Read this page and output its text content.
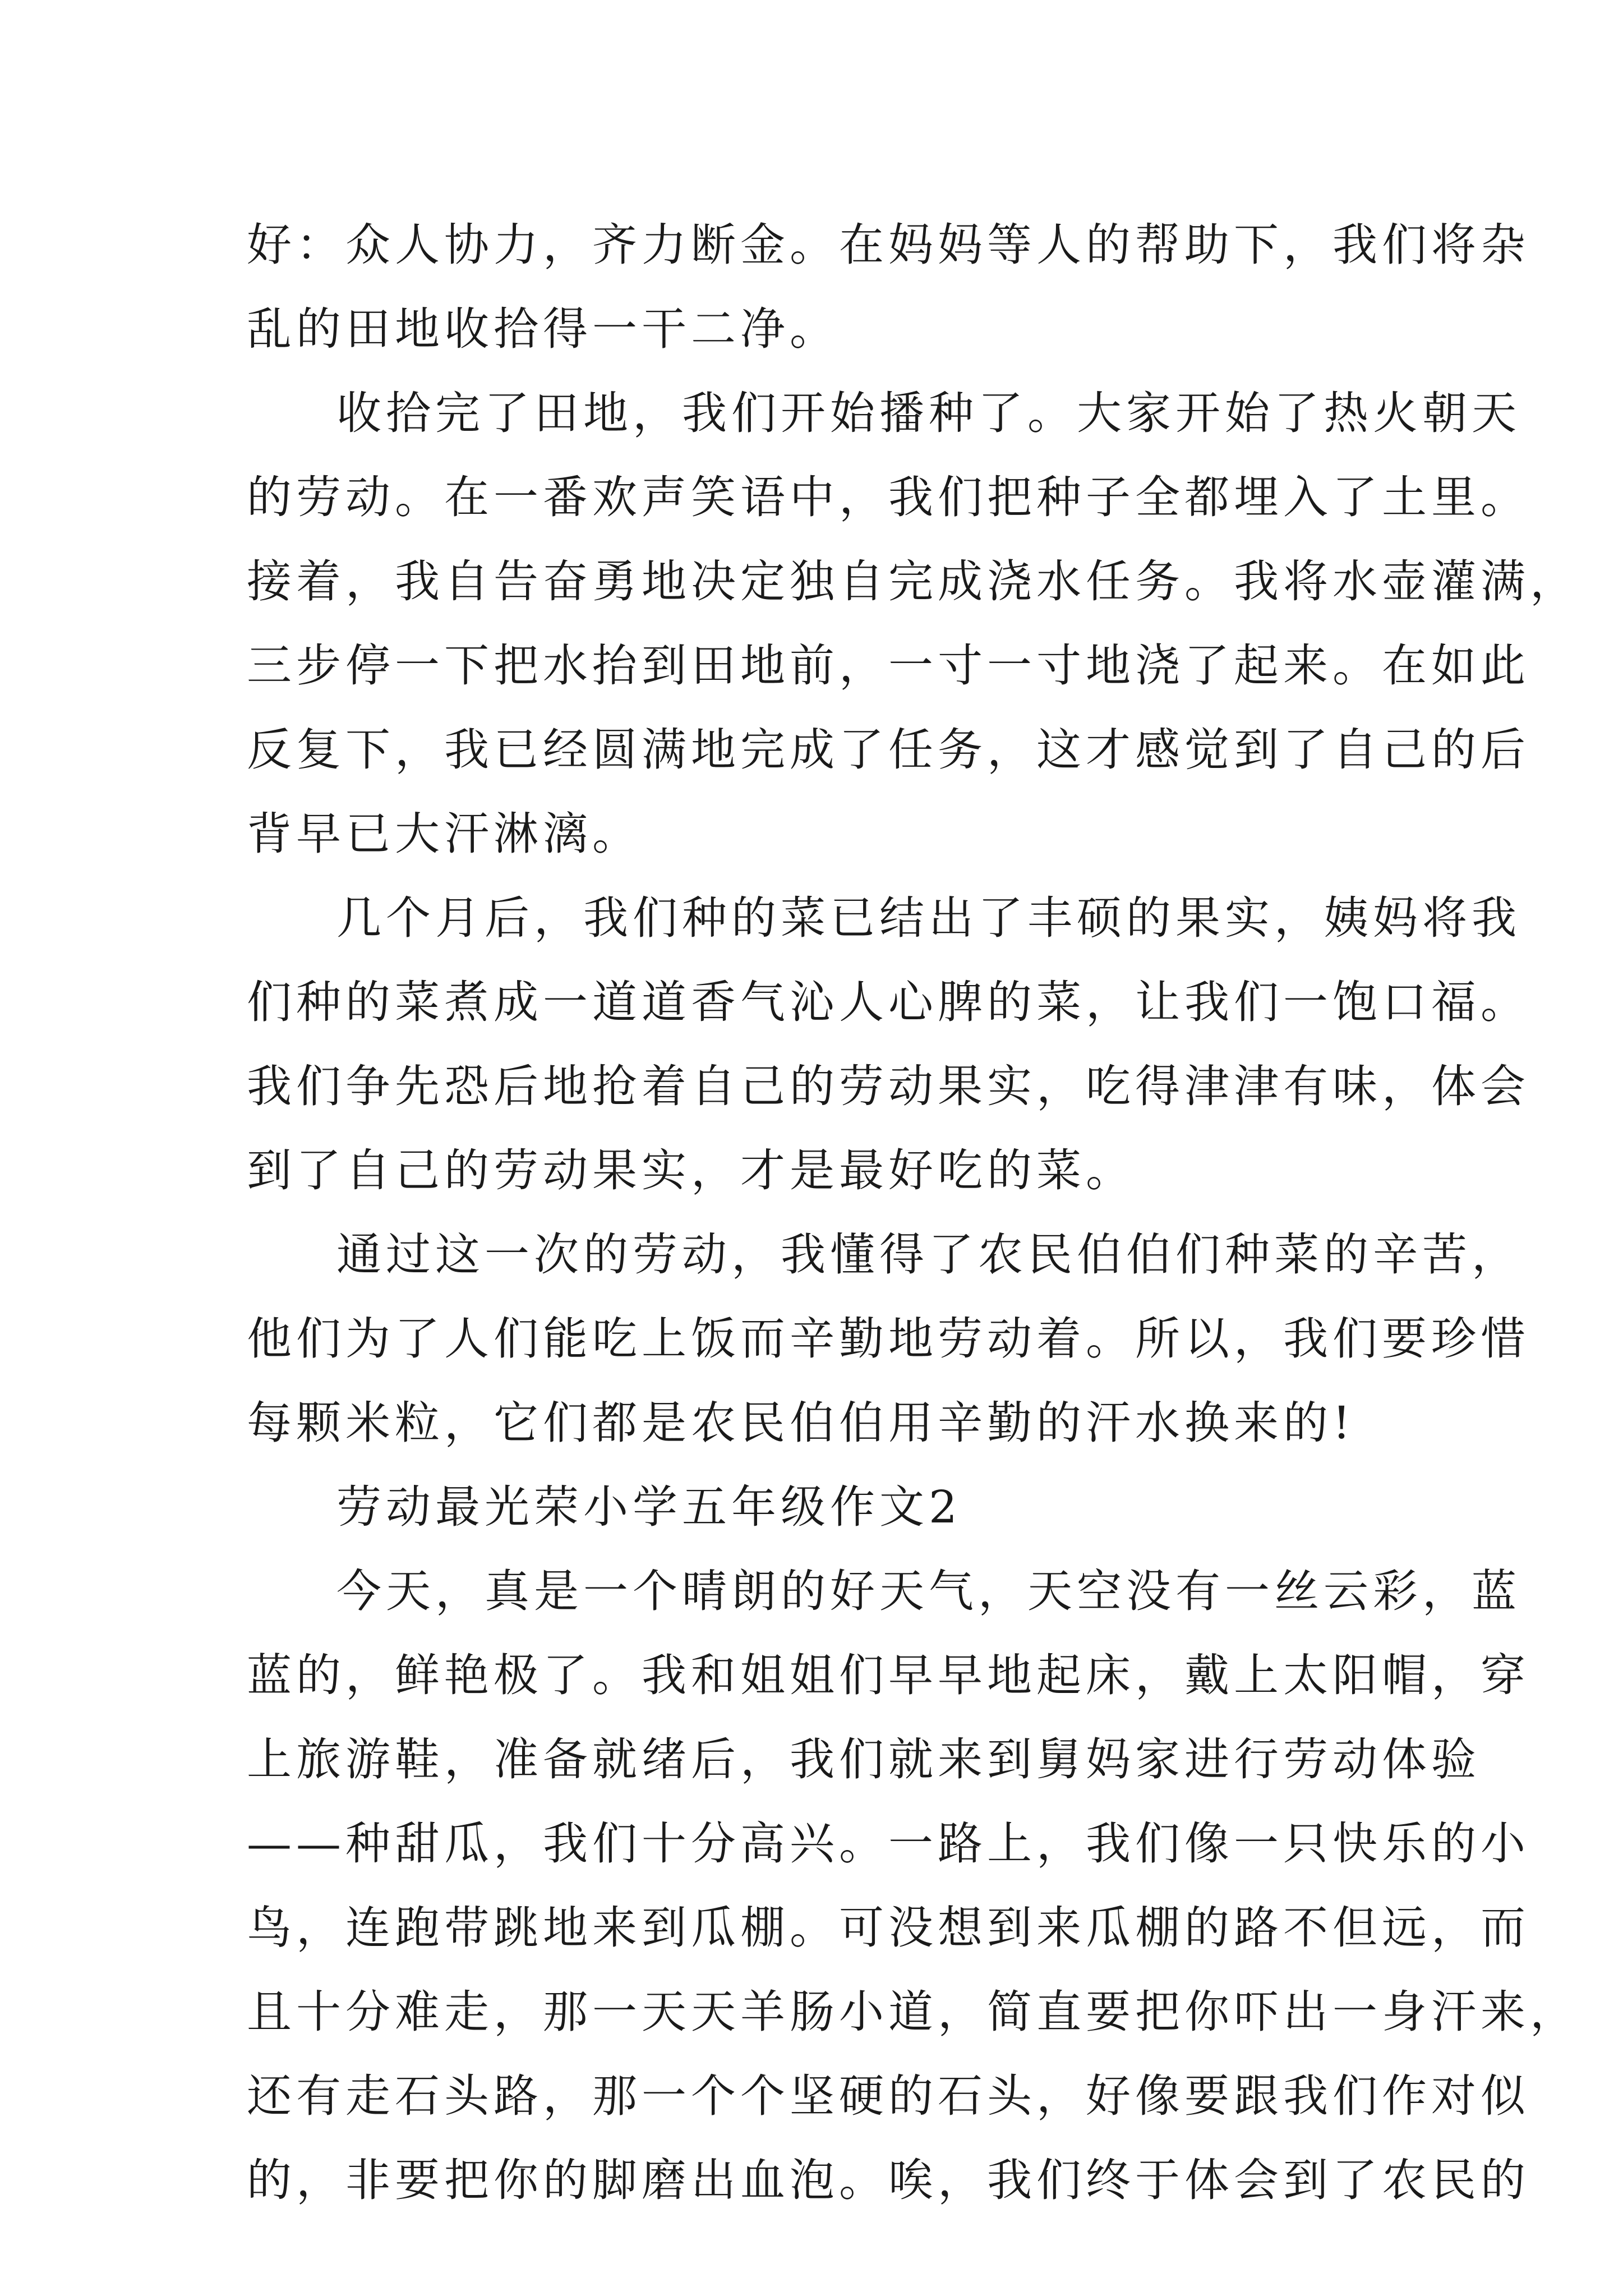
好：众人协力，齐力断金。在妈妈等人的帮助下，我们将杂
乱的田地收拾得一干二净。
收拾完了田地，我们开始播种了。大家开始了热火朝天
的劳动。在一番欢声笑语中，我们把种子全都埋入了土里。
接着，我自告奋勇地决定独自完成浇水任务。我将水壶灌满，
三步停一下把水抬到田地前，一寸一寸地浇了起来。在如此
反复下，我已经圆满地完成了任务，这才感觉到了自己的后
背早已大汗淋漓。
几个月后，我们种的菜已结出了丰硕的果实，姨妈将我
们种的菜煮成一道道香气沁人心脾的菜，让我们一饱口福。
我们争先恐后地抢着自己的劳动果实，吃得津津有味，体会
到了自己的劳动果实，才是最好吃的菜。
通过这一次的劳动，我懂得了农民伯伯们种菜的辛苦，
他们为了人们能吃上饭而辛勤地劳动着。所以，我们要珍惜
每颗米粒，它们都是农民伯伯用辛勤的汗水换来的!
劳动最光荣小学五年级作文2
今天，真是一个晴朗的好天气，天空没有一丝云彩，蓝
蓝的，鲜艳极了。我和姐姐们早早地起床，戴上太阳帽，穿
上旅游鞋，准备就绪后，我们就来到舅妈家进行劳动体验
——种甜瓜，我们十分高兴。一路上，我们像一只快乐的小
鸟，连跑带跳地来到瓜棚。可没想到来瓜棚的路不但远，而
且十分难走，那一天天羊肠小道，简直要把你吓出一身汗来，
还有走石头路，那一个个坚硬的石头，好像要跟我们作对似
的，非要把你的脚磨出血泡。唉，我们终于体会到了农民的
